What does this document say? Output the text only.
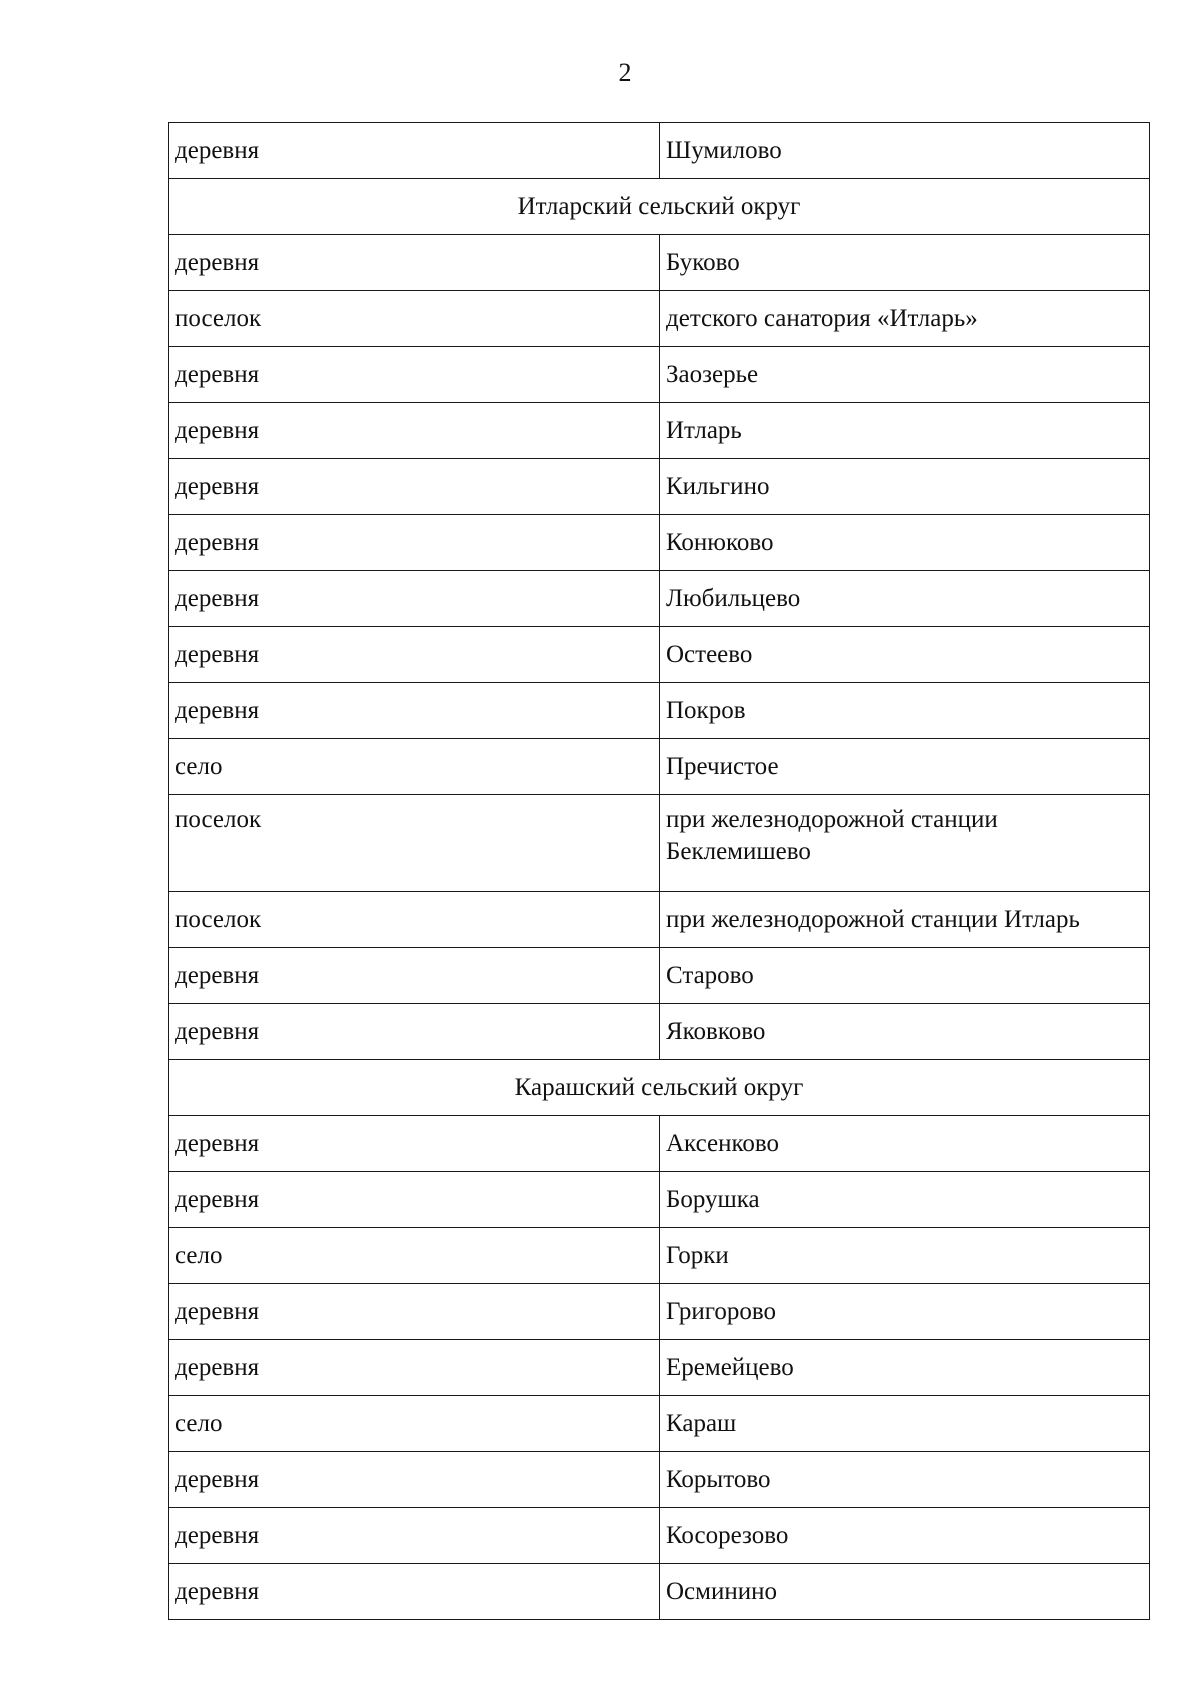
2
деревня	Шумилово
Итларский сельский округ	
деревня	Буково
поселок	детского санатория «Итларь»
деревня	Заозерье
деревня	Итларь
деревня	Кильгино
деревня	Конюково
деревня	Любильцево
деревня	Остеево
деревня	Покров
село	Пречистое
поселок	при железнодорожной станции Беклемишево
поселок	при железнодорожной станции Итларь
деревня	Старово
деревня	Яковково
Карашский сельский округ	
деревня	Аксенково
деревня	Борушка
село	Горки
деревня	Григорово
деревня	Еремейцево
село	Караш
деревня	Корытово
деревня	Косорезово
деревня	Осминино
